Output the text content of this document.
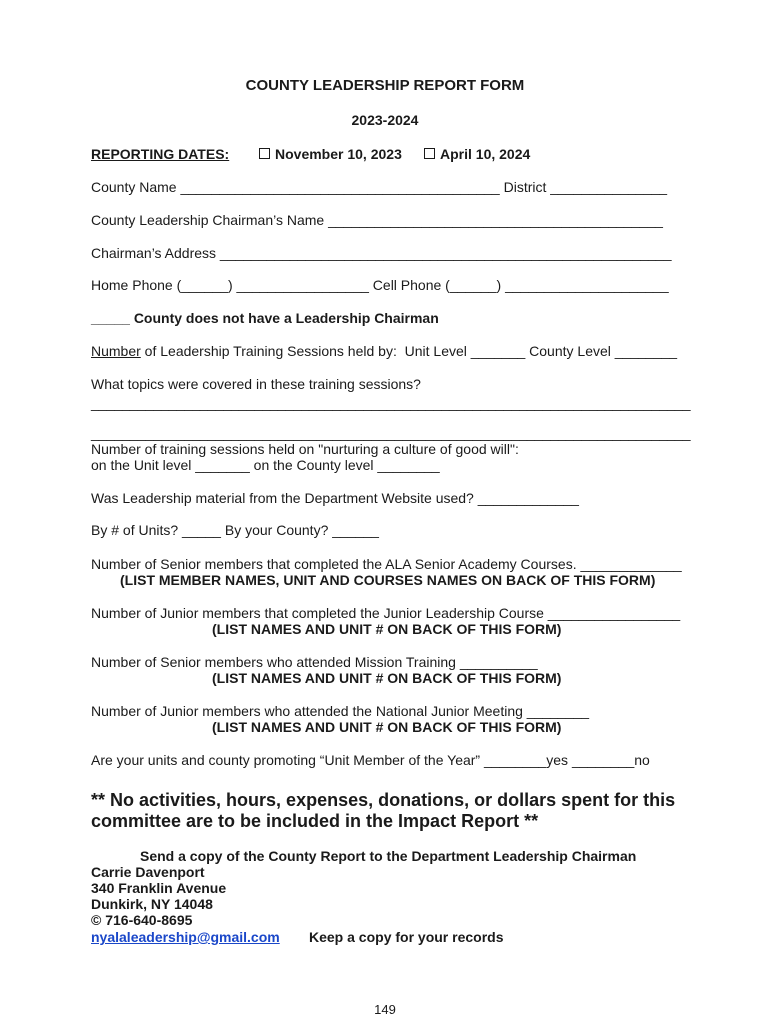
COUNTY LEADERSHIP REPORT FORM
2023-2024
REPORTING DATES:	November 10, 2023	April 10, 2024
County Name _________________________________________ District _______________
County Leadership Chairman’s Name ___________________________________________
Chairman’s Address __________________________________________________________
Home Phone (______) _________________ Cell Phone (______) _____________________
_____ County does not have a Leadership Chairman
Number of Leadership Training Sessions held by:  Unit Level _______ County Level ________
What topics were covered in these training sessions?
_____________________________________________________________________________
_____________________________________________________________________________
Number of training sessions held on "nurturing a culture of good will":
on the Unit level _______ on the County level ________
Was Leadership material from the Department Website used? _____________
By # of Units? _____ By your County? ______
Number of Senior members that completed the ALA Senior Academy Courses. _____________
(LIST MEMBER NAMES, UNIT AND COURSES NAMES ON BACK OF THIS FORM)
Number of Junior members that completed the Junior Leadership Course _________________
(LIST NAMES AND UNIT # ON BACK OF THIS FORM)
Number of Senior members who attended Mission Training __________
(LIST NAMES AND UNIT # ON BACK OF THIS FORM)
Number of Junior members who attended the National Junior Meeting ________
(LIST NAMES AND UNIT # ON BACK OF THIS FORM)
Are your units and county promoting “Unit Member of the Year” ________yes ________no
** No activities, hours, expenses, donations, or dollars spent for this
committee are to be included in the Impact Report **
Send a copy of the County Report to the Department Leadership Chairman
Carrie Davenport
340 Franklin Avenue
Dunkirk, NY 14048
© 716-640-8695
nyalaleadership@gmail.com Keep a copy for your records
149
